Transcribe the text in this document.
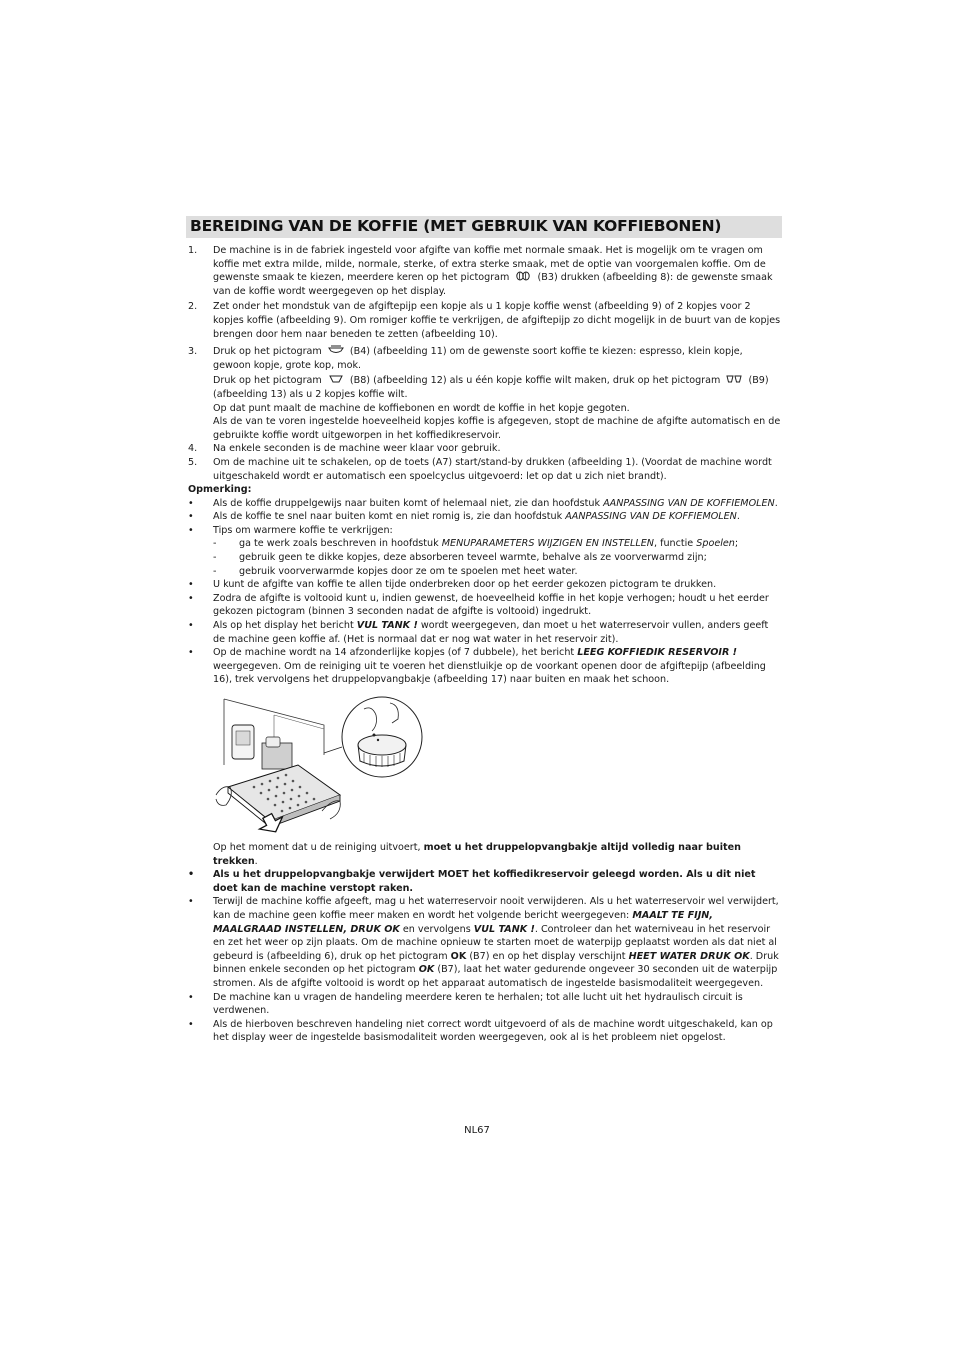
BEREIDING VAN DE KOFFIE (MET GEBRUIK VAN KOFFIEBONEN)
1. De machine is in de fabriek ingesteld voor afgifte van koffie met normale smaak. Het is mogelijk om te vragen om koffie met extra milde, milde, normale, sterke, of extra sterke smaak, met de optie van voorgemalen koffie. Om de gewenste smaak te kiezen, meerdere keren op het pictogram	(B3) drukken (afbeelding 8): de gewenste smaak van de koffie wordt weergegeven op het display.
2. Zet onder het mondstuk van de afgiftepijp een kopje als u 1 kopje koffie wenst (afbeelding 9) of 2 kopjes voor 2 kopjes koffie (afbeelding 9). Om romiger koffie te verkrijgen, de afgiftepijp zo dicht mogelijk in de buurt van de kopjes brengen door hem naar beneden te zetten (afbeelding 10).
3. Druk op het pictogram	(B4) (afbeelding 11) om de gewenste soort koffie te kiezen: espresso, klein kopje, gewoon kopje, grote kop, mok.
Druk op het pictogram	(B8) (afbeelding 12) als u één kopje koffie wilt maken, druk op het pictogram	(B9) (afbeelding 13) als u 2 kopjes koffie wilt.
Op dat punt maalt de machine de koffiebonen en wordt de koffie in het kopje gegoten.
Als de van te voren ingestelde hoeveelheid kopjes koffie is afgegeven, stopt de machine de afgifte automatisch en de gebruikte koffie wordt uitgeworpen in het koffiedikreservoir.
4. Na enkele seconden is de machine weer klaar voor gebruik.
5. Om de machine uit te schakelen, op de toets (A7) start/stand-by drukken (afbeelding 1). (Voordat de machine wordt uitgeschakeld wordt er automatisch een spoelcyclus uitgevoerd: let op dat u zich niet brandt).
Opmerking:
• Als de koffie druppelgewijs naar buiten komt of helemaal niet, zie dan hoofdstuk AANPASSING VAN DE KOFFIEMOLEN.
• Als de koffie te snel naar buiten komt en niet romig is, zie dan hoofdstuk AANPASSING VAN DE KOFFIEMOLEN.
• Tips om warmere koffie te verkrijgen:
- ga te werk zoals beschreven in hoofdstuk MENUPARAMETERS WIJZIGEN EN INSTELLEN, functie Spoelen;
- gebruik geen te dikke kopjes, deze absorberen teveel warmte, behalve als ze voorverwarmd zijn;
- gebruik voorverwarmde kopjes door ze om te spoelen met heet water.
• U kunt de afgifte van koffie te allen tijde onderbreken door op het eerder gekozen pictogram te drukken.
• Zodra de afgifte is voltooid kunt u, indien gewenst, de hoeveelheid koffie in het kopje verhogen; houdt u het eerder gekozen pictogram (binnen 3 seconden nadat de afgifte is voltooid) ingedrukt.
• Als op het display het bericht VUL TANK ! wordt weergegeven, dan moet u het waterreservoir vullen, anders geeft de machine geen koffie af. (Het is normaal dat er nog wat water in het reservoir zit).
• Op de machine wordt na 14 afzonderlijke kopjes (of 7 dubbele), het bericht LEEG KOFFIEDIK RESERVOIR ! weergegeven. Om de reiniging uit te voeren het dienstluikje op de voorkant openen door de afgiftepijp (afbeelding 16), trek vervolgens het druppelopvangbakje (afbeelding 17) naar buiten en maak het schoon.
Op het moment dat u de reiniging uitvoert, moet u het druppelopvangbakje altijd volledig naar buiten trekken.
• Als u het druppelopvangbakje verwijdert MOET het koffiedikreservoir geleegd worden. Als u dit niet doet kan de machine verstopt raken.
• Terwijl de machine koffie afgeeft, mag u het waterreservoir nooit verwijderen. Als u het waterreservoir wel verwijdert, kan de machine geen koffie meer maken en wordt het volgende bericht weergegeven: MAALT TE FIJN, MAALGRAAD INSTELLEN, DRUK OK en vervolgens VUL TANK !. Controleer dan het waterniveau in het reservoir en zet het weer op zijn plaats. Om de machine opnieuw te starten moet de waterpijp geplaatst worden als dat niet al gebeurd is (afbeelding 6), druk op het pictogram OK (B7) en op het display verschijnt HEET WATER DRUK OK. Druk binnen enkele seconden op het pictogram OK (B7), laat het water gedurende ongeveer 30 seconden uit de waterpijp stromen. Als de afgifte voltooid is wordt op het apparaat automatisch de ingestelde basismodaliteit weergegeven.
• De machine kan u vragen de handeling meerdere keren te herhalen; tot alle lucht uit het hydraulisch circuit is verdwenen.
• Als de hierboven beschreven handeling niet correct wordt uitgevoerd of als de machine wordt uitgeschakeld, kan op het display weer de ingestelde basismodaliteit worden weergegeven, ook al is het probleem niet opgelost.
NL67
